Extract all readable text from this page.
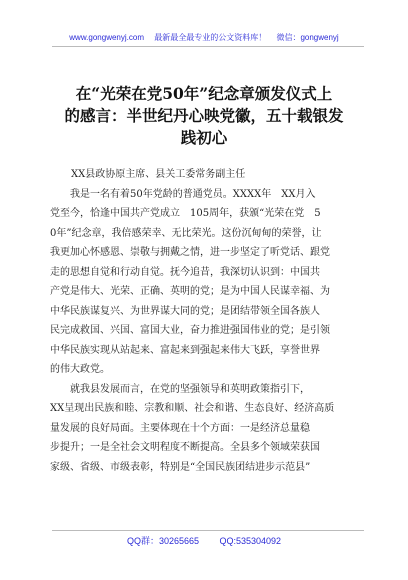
www.gongwenyj.com 最新最全最专业的公文资料库！ 微信：gongwenyj
在“光荣在党50年”纪念章颁发仪式上
的感言：半世纪丹心映党徽，五十载银发
践初心
XX县政协原主席、县关工委常务副主任
　　我是一名有着50年党龄的普通党员。XXXX年　XX月入
党至今，恰逢中国共产党成立　105周年，获颁“光荣在党　5
0年”纪念章，我倍感荣幸、无比荣光。这份沉甸甸的荣誉，让
我更加心怀感恩、崇敬与拥戴之情，进一步坚定了听党话、跟党
走的思想自觉和行动自觉。抚今追昔，我深切认识到：中国共
产党是伟大、光荣、正确、英明的党；是为中国人民谋幸福、为
中华民族谋复兴、为世界谋大同的党；是团结带领全国各族人
民完成救国、兴国、富国大业，奋力推进强国伟业的党；是引领
中华民族实现从站起来、富起来到强起来伟大飞跃，享誉世界
的伟大政党。
　　就我县发展而言，在党的坚强领导和英明政策指引下，
XX呈现出民族和睦、宗教和顺、社会和谐、生态良好、经济高质
量发展的良好局面。主要体现在十个方面：一是经济总量稳
步提升；一是全社会文明程度不断提高。全县多个领域荣获国
家级、省级、市级表彰，特别是“全国民族团结进步示范县”
QQ群：30265665 QQ:535304092
